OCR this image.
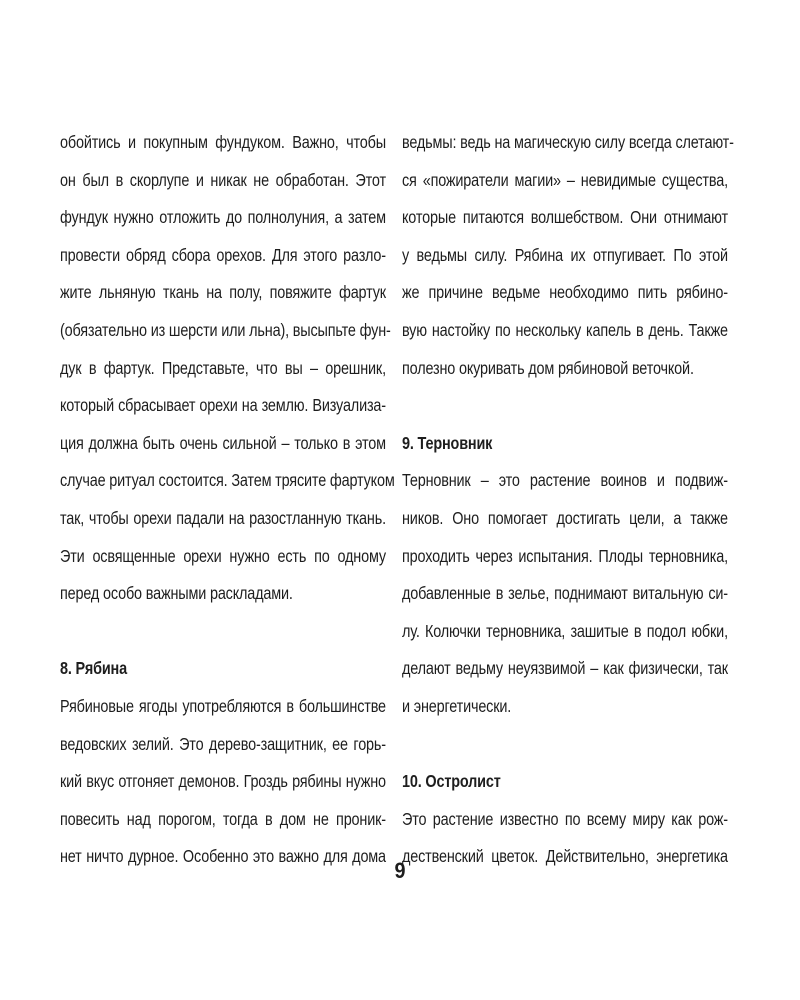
обойтись и покупным фундуком. Важно, чтобы
он был в скорлупе и никак не обработан. Этот
фундук нужно отложить до полнолуния, а затем
провести обряд сбора орехов. Для этого разло-
жите льняную ткань на полу, повяжите фартук
(обязательно из шерсти или льна), высыпьте фун-
дук в фартук. Представьте, что вы – орешник,
который сбрасывает орехи на землю. Визуализа-
ция должна быть очень сильной – только в этом
случае ритуал состоится. Затем трясите фартуком
так, чтобы орехи падали на разостланную ткань.
Эти освященные орехи нужно есть по одному
перед особо важными раскладами.
8. Рябина
Рябиновые ягоды употребляются в большинстве
ведовских зелий. Это дерево-защитник, ее горь-
кий вкус отгоняет демонов. Гроздь рябины нужно
повесить над порогом, тогда в дом не проник-
нет ничто дурное. Особенно это важно для дома
ведьмы: ведь на магическую силу всегда слетают-
ся «пожиратели магии» – невидимые существа,
которые питаются волшебством. Они отнимают
у ведьмы силу. Рябина их отпугивает. По этой
же причине ведьме необходимо пить рябино-
вую настойку по нескольку капель в день. Также
полезно окуривать дом рябиновой веточкой.
9. Терновник
Терновник – это растение воинов и подвиж-
ников. Оно помогает достигать цели, а также
проходить через испытания. Плоды терновника,
добавленные в зелье, поднимают витальную си-
лу. Колючки терновника, зашитые в подол юбки,
делают ведьму неуязвимой – как физически, так
и энергетически.
10. Остролист
Это растение известно по всему миру как рож-
дественский цветок. Действительно, энергетика
9
